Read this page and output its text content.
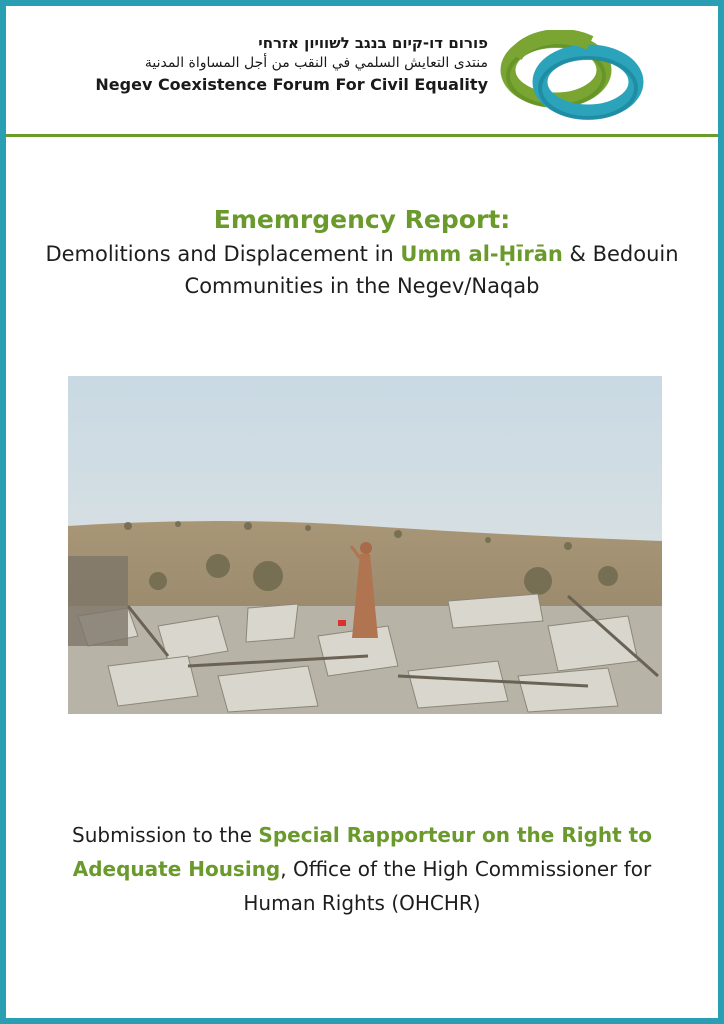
פורום דו-קיום בנגב לשוויון אזרחי
منتدى التعايش السلمي في النقب من أجل المساواة المدنية
Negev Coexistence Forum For Civil Equality
Ememrgency Report:
Demolitions and Displacement in Umm al-Ḥīrān & Bedouin Communities in the Negev/Naqab
Submission to the Special Rapporteur on the Right to Adequate Housing, Office of the High Commissioner for Human Rights (OHCHR)
